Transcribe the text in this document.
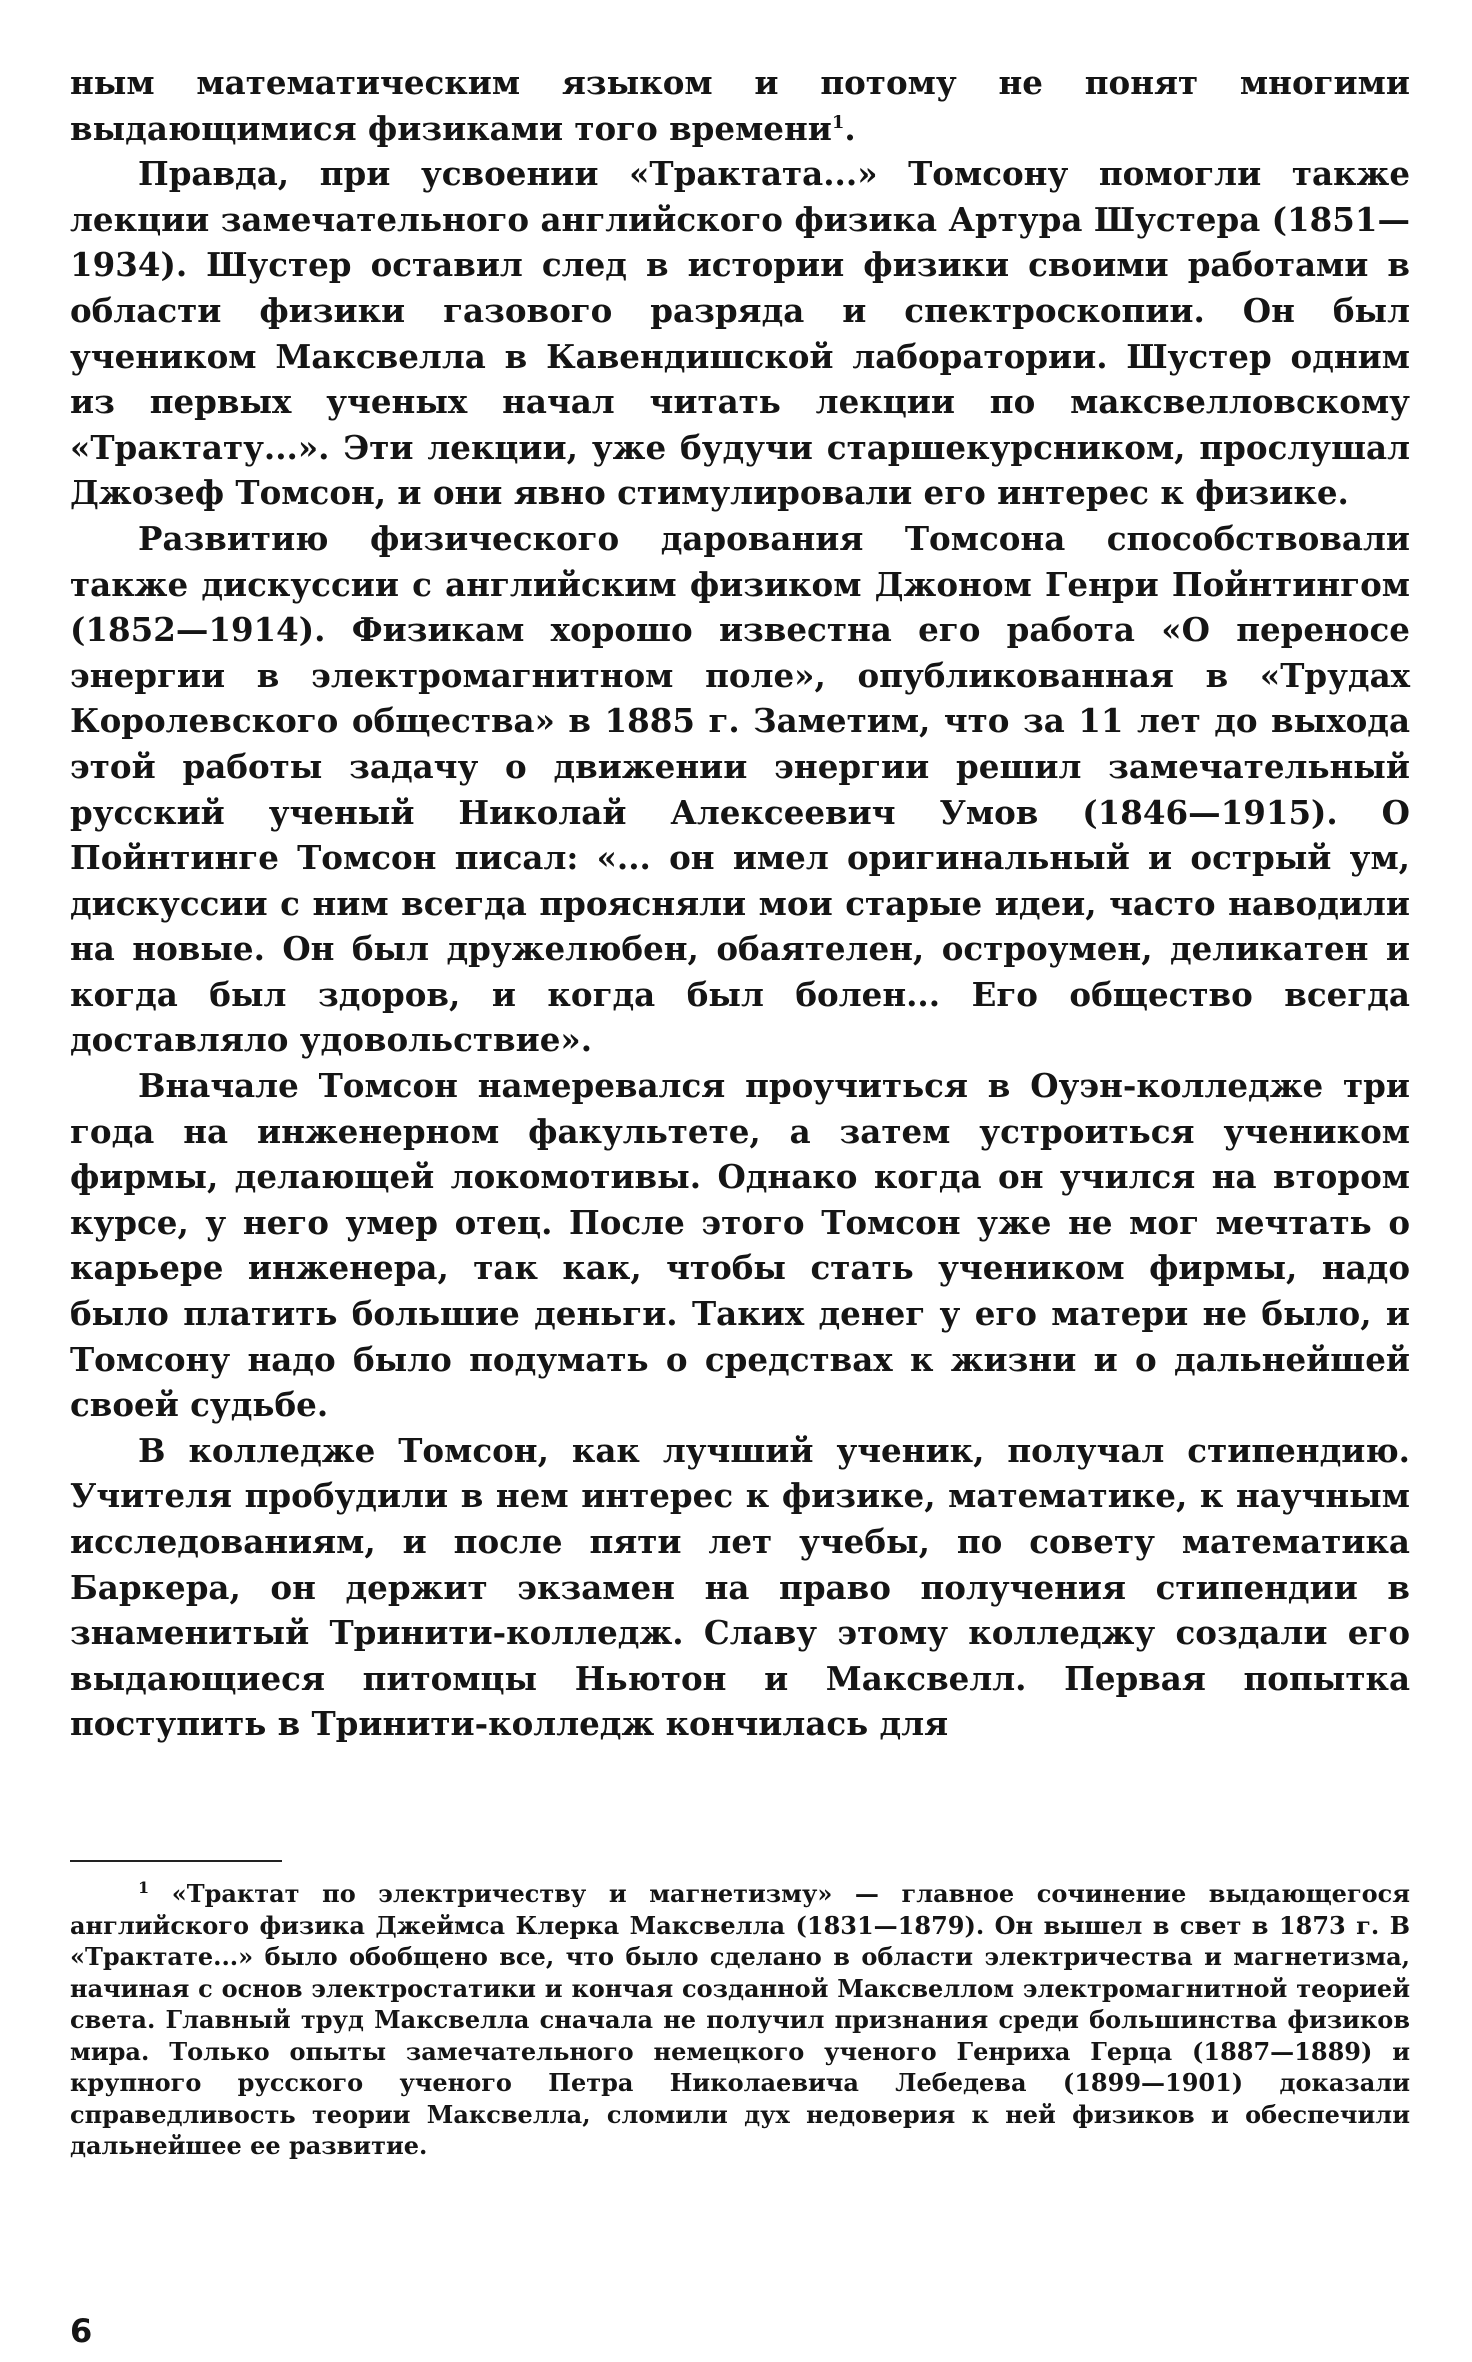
ным математическим языком и потому не понят многими выдающимися физиками того времени$^1$.

Правда, при усвоении «Трактата...» Томсону помогли также лекции замечательного английского физика Артура Шустера (1851—1934). Шустер оставил след в истории физики своими работами в области физики газового разряда и спектроскопии. Он был учеником Максвелла в Кавендишской лаборатории. Шустер одним из первых ученых начал читать лекции по максвелловскому «Трактату...». Эти лекции, уже будучи старшекурсником, прослушал Джозеф Томсон, и они явно стимулировали его интерес к физике.

Развитию физического дарования Томсона способствовали также дискуссии с английским физиком Джоном Генри Пойнтингом (1852—1914). Физикам хорошо известна его работа «О переносе энергии в электромагнитном поле», опубликованная в «Трудах Королевского общества» в 1885 г. Заметим, что за 11 лет до выхода этой работы задачу о движении энергии решил замечательный русский ученый Николай Алексеевич Умов (1846—1915). О Пойнтинге Томсон писал: «... он имел оригинальный и острый ум, дискуссии с ним всегда проясняли мои старые идеи, часто наводили на новые. Он был дружелюбен, обаятелен, остроумен, деликатен и когда был здоров, и когда был болен... Его общество всегда доставляло удовольствие».

Вначале Томсон намеревался проучиться в Оуэн-колледже три года на инженерном факультете, а затем устроиться учеником фирмы, делающей локомотивы. Однако когда он учился на втором курсе, у него умер отец. После этого Томсон уже не мог мечтать о карьере инженера, так как, чтобы стать учеником фирмы, надо было платить большие деньги. Таких денег у его матери не было, и Томсону надо было подумать о средствах к жизни и о дальнейшей своей судьбе.

В колледже Томсон, как лучший ученик, получал стипендию. Учителя пробудили в нем интерес к физике, математике, к научным исследованиям, и после пяти лет учебы, по совету математика Баркера, он держит экзамен на право получения стипендии в знаменитый Тринити-колледж. Славу этому колледжу создали его выдающиеся питомцы Ньютон и Максвелл. Первая попытка поступить в Тринити-колледж кончилась для

$^1$ «Трактат по электричеству и магнетизму» — главное сочинение выдающегося английского физика Джеймса Клерка Максвелла (1831—1879). Он вышел в свет в 1873 г. В «Трактате...» было обобщено все, что было сделано в области электричества и магнетизма, начиная с основ электростатики и кончая созданной Максвеллом электромагнитной теорией света. Главный труд Максвелла сначала не получил признания среди большинства физиков мира. Только опыты замечательного немецкого ученого Генриха Герца (1887—1889) и крупного русского ученого Петра Николаевича Лебедева (1899—1901) доказали справедливость теории Максвелла, сломили дух недоверия к ней физиков и обеспечили дальнейшее ее развитие.

6
